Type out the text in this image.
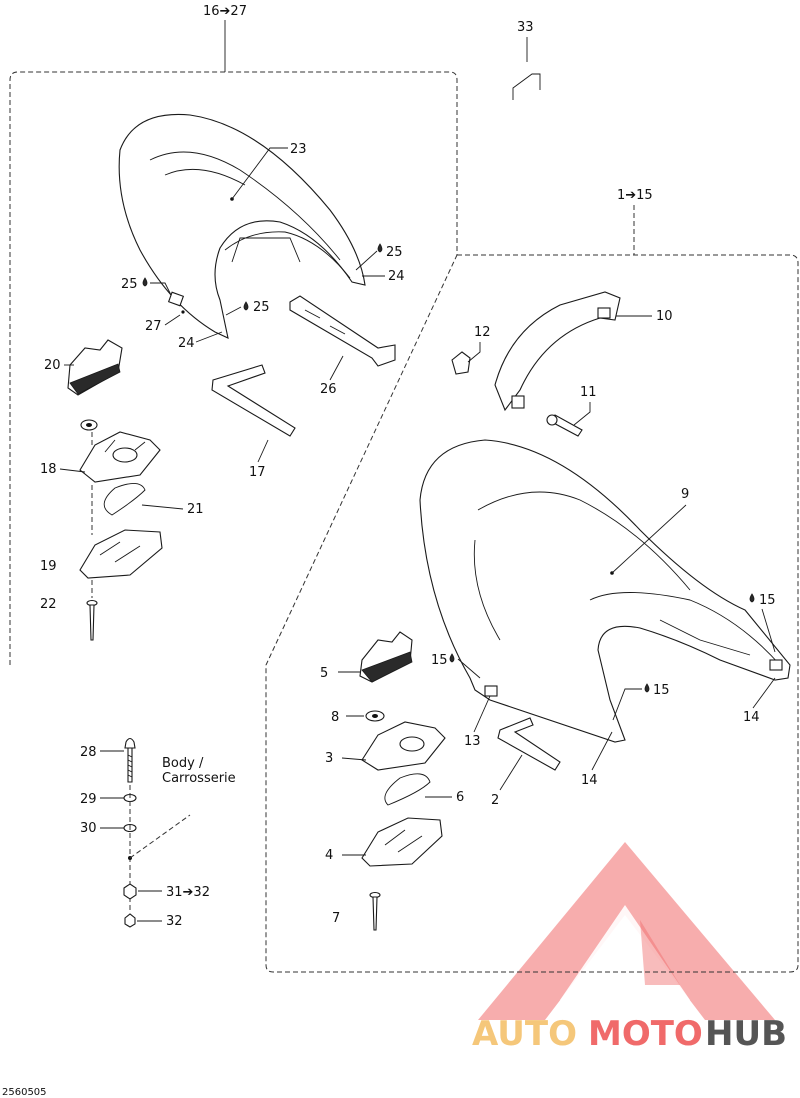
AUTO MOTO HUB
16➔27
1➔15
33
23
25
24
25
25
27
24
26
17
20
18
21
19
22
10
12
11
9
15
14
15
15
13
14
2
5
8
3
6
4
7
28
29
30
Body /
Carrosserie
31➔32
32
2560505
